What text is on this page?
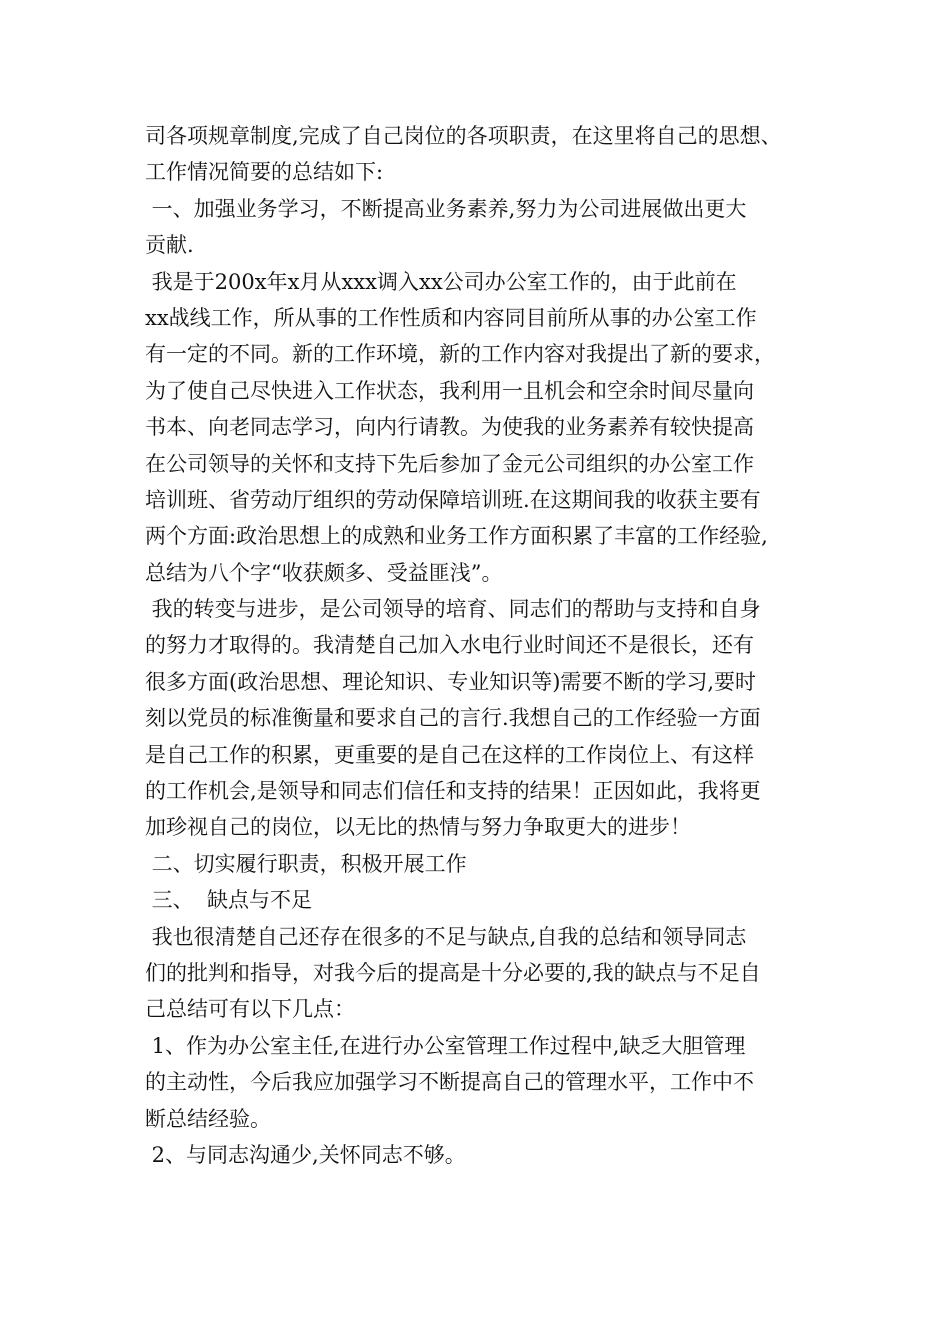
司各项规章制度,完成了自己岗位的各项职责，在这里将自己的思想、
工作情况简要的总结如下:
一、加强业务学习，不断提高业务素养,努力为公司进展做出更大
贡献.
我是于200x年x月从xxx调入xx公司办公室工作的，由于此前在
xx战线工作，所从事的工作性质和内容同目前所从事的办公室工作
有一定的不同。新的工作环境，新的工作内容对我提出了新的要求，
为了使自己尽快进入工作状态，我利用一且机会和空余时间尽量向
书本、向老同志学习，向内行请教。为使我的业务素养有较快提高
在公司领导的关怀和支持下先后参加了金元公司组织的办公室工作
培训班、省劳动厅组织的劳动保障培训班.在这期间我的收获主要有
两个方面:政治思想上的成熟和业务工作方面积累了丰富的工作经验,
总结为八个字“收获颇多、受益匪浅”。
我的转变与进步，是公司领导的培育、同志们的帮助与支持和自身
的努力才取得的。我清楚自己加入水电行业时间还不是很长，还有
很多方面(政治思想、理论知识、专业知识等)需要不断的学习,要时
刻以党员的标准衡量和要求自己的言行.我想自己的工作经验一方面
是自己工作的积累，更重要的是自己在这样的工作岗位上、有这样
的工作机会,是领导和同志们信任和支持的结果！正因如此，我将更
加珍视自己的岗位，以无比的热情与努力争取更大的进步！
二、切实履行职责，积极开展工作
三、  缺点与不足
我也很清楚自己还存在很多的不足与缺点,自我的总结和领导同志
们的批判和指导，对我今后的提高是十分必要的,我的缺点与不足自
己总结可有以下几点：
1、作为办公室主任,在进行办公室管理工作过程中,缺乏大胆管理
的主动性，今后我应加强学习不断提高自己的管理水平，工作中不
断总结经验。
2、与同志沟通少,关怀同志不够。
